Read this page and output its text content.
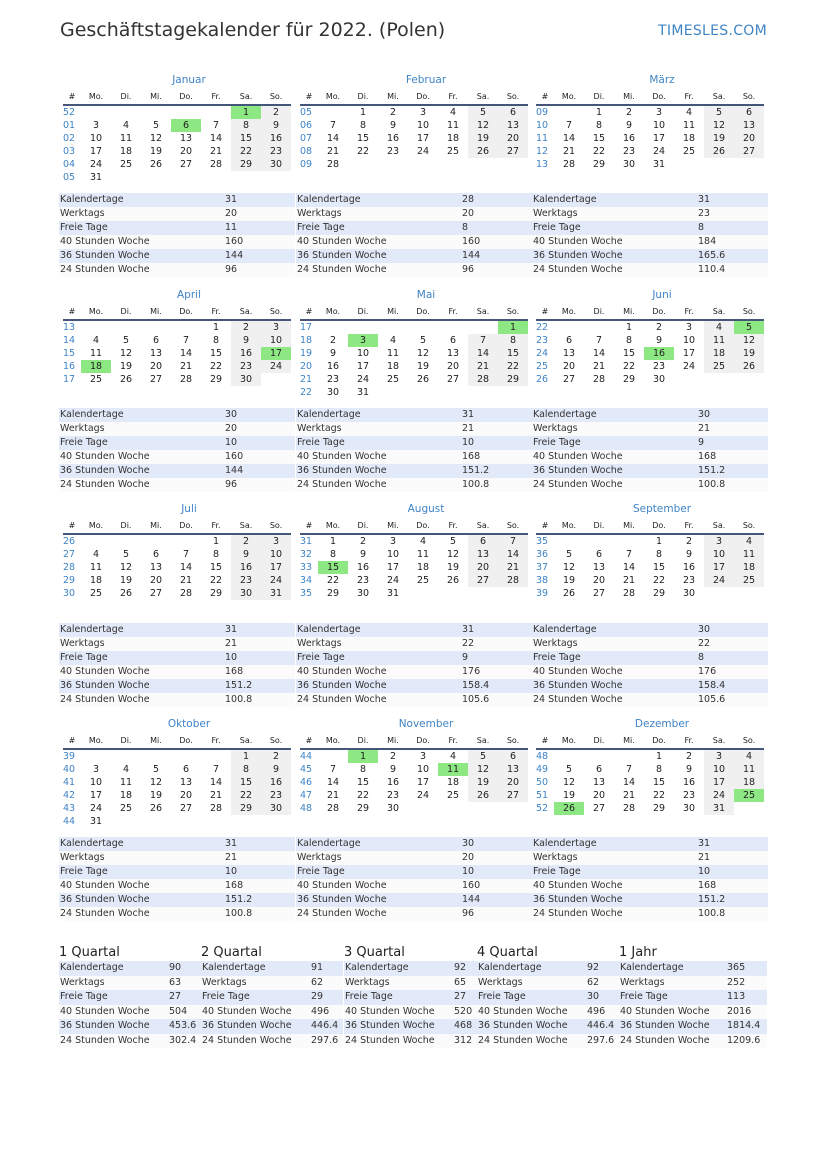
Geschäftstagekalender für 2022. (Polen)	TIMESLES.COM
Januar
#	Mo.	Di.	Mi.	Do.	Fr.	Sa.	So.
52						1	2
01	3	4	5	6	7	8	9
02	10	11	12	13	14	15	16
03	17	18	19	20	21	22	23
04	24	25	26	27	28	29	30
05	31						
Kalendertage	31
Werktags	20
Freie Tage	11
40 Stunden Woche	160
36 Stunden Woche	144
24 Stunden Woche	96
Februar
#	Mo.	Di.	Mi.	Do.	Fr.	Sa.	So.
05		1	2	3	4	5	6
06	7	8	9	10	11	12	13
07	14	15	16	17	18	19	20
08	21	22	23	24	25	26	27
09	28						
Kalendertage	28
Werktags	20
Freie Tage	8
40 Stunden Woche	160
36 Stunden Woche	144
24 Stunden Woche	96
März
#	Mo.	Di.	Mi.	Do.	Fr.	Sa.	So.
09		1	2	3	4	5	6
10	7	8	9	10	11	12	13
11	14	15	16	17	18	19	20
12	21	22	23	24	25	26	27
13	28	29	30	31			
Kalendertage	31
Werktags	23
Freie Tage	8
40 Stunden Woche	184
36 Stunden Woche	165.6
24 Stunden Woche	110.4
April
#	Mo.	Di.	Mi.	Do.	Fr.	Sa.	So.
13					1	2	3
14	4	5	6	7	8	9	10
15	11	12	13	14	15	16	17
16	18	19	20	21	22	23	24
17	25	26	27	28	29	30	
Kalendertage	30
Werktags	20
Freie Tage	10
40 Stunden Woche	160
36 Stunden Woche	144
24 Stunden Woche	96
Mai
#	Mo.	Di.	Mi.	Do.	Fr.	Sa.	So.
17							1
18	2	3	4	5	6	7	8
19	9	10	11	12	13	14	15
20	16	17	18	19	20	21	22
21	23	24	25	26	27	28	29
22	30	31					
Kalendertage	31
Werktags	21
Freie Tage	10
40 Stunden Woche	168
36 Stunden Woche	151.2
24 Stunden Woche	100.8
Juni
#	Mo.	Di.	Mi.	Do.	Fr.	Sa.	So.
22			1	2	3	4	5
23	6	7	8	9	10	11	12
24	13	14	15	16	17	18	19
25	20	21	22	23	24	25	26
26	27	28	29	30			
Kalendertage	30
Werktags	21
Freie Tage	9
40 Stunden Woche	168
36 Stunden Woche	151.2
24 Stunden Woche	100.8
Juli
#	Mo.	Di.	Mi.	Do.	Fr.	Sa.	So.
26					1	2	3
27	4	5	6	7	8	9	10
28	11	12	13	14	15	16	17
29	18	19	20	21	22	23	24
30	25	26	27	28	29	30	31
Kalendertage	31
Werktags	21
Freie Tage	10
40 Stunden Woche	168
36 Stunden Woche	151.2
24 Stunden Woche	100.8
August
#	Mo.	Di.	Mi.	Do.	Fr.	Sa.	So.
31	1	2	3	4	5	6	7
32	8	9	10	11	12	13	14
33	15	16	17	18	19	20	21
34	22	23	24	25	26	27	28
35	29	30	31				
Kalendertage	31
Werktags	22
Freie Tage	9
40 Stunden Woche	176
36 Stunden Woche	158.4
24 Stunden Woche	105.6
September
#	Mo.	Di.	Mi.	Do.	Fr.	Sa.	So.
35				1	2	3	4
36	5	6	7	8	9	10	11
37	12	13	14	15	16	17	18
38	19	20	21	22	23	24	25
39	26	27	28	29	30		
Kalendertage	30
Werktags	22
Freie Tage	8
40 Stunden Woche	176
36 Stunden Woche	158.4
24 Stunden Woche	105.6
Oktober
#	Mo.	Di.	Mi.	Do.	Fr.	Sa.	So.
39						1	2
40	3	4	5	6	7	8	9
41	10	11	12	13	14	15	16
42	17	18	19	20	21	22	23
43	24	25	26	27	28	29	30
44	31						
Kalendertage	31
Werktags	21
Freie Tage	10
40 Stunden Woche	168
36 Stunden Woche	151.2
24 Stunden Woche	100.8
November
#	Mo.	Di.	Mi.	Do.	Fr.	Sa.	So.
44		1	2	3	4	5	6
45	7	8	9	10	11	12	13
46	14	15	16	17	18	19	20
47	21	22	23	24	25	26	27
48	28	29	30				
Kalendertage	30
Werktags	20
Freie Tage	10
40 Stunden Woche	160
36 Stunden Woche	144
24 Stunden Woche	96
Dezember
#	Mo.	Di.	Mi.	Do.	Fr.	Sa.	So.
48				1	2	3	4
49	5	6	7	8	9	10	11
50	12	13	14	15	16	17	18
51	19	20	21	22	23	24	25
52	26	27	28	29	30	31	
Kalendertage	31
Werktags	21
Freie Tage	10
40 Stunden Woche	168
36 Stunden Woche	151.2
24 Stunden Woche	100.8
1 Quartal
Kalendertage	90
Werktags	63
Freie Tage	27
40 Stunden Woche	504
36 Stunden Woche	453.6
24 Stunden Woche	302.4
2 Quartal
Kalendertage	91
Werktags	62
Freie Tage	29
40 Stunden Woche	496
36 Stunden Woche	446.4
24 Stunden Woche	297.6
3 Quartal
Kalendertage	92
Werktags	65
Freie Tage	27
40 Stunden Woche	520
36 Stunden Woche	468
24 Stunden Woche	312
4 Quartal
Kalendertage	92
Werktags	62
Freie Tage	30
40 Stunden Woche	496
36 Stunden Woche	446.4
24 Stunden Woche	297.6
1 Jahr
Kalendertage	365
Werktags	252
Freie Tage	113
40 Stunden Woche	2016
36 Stunden Woche	1814.4
24 Stunden Woche	1209.6
